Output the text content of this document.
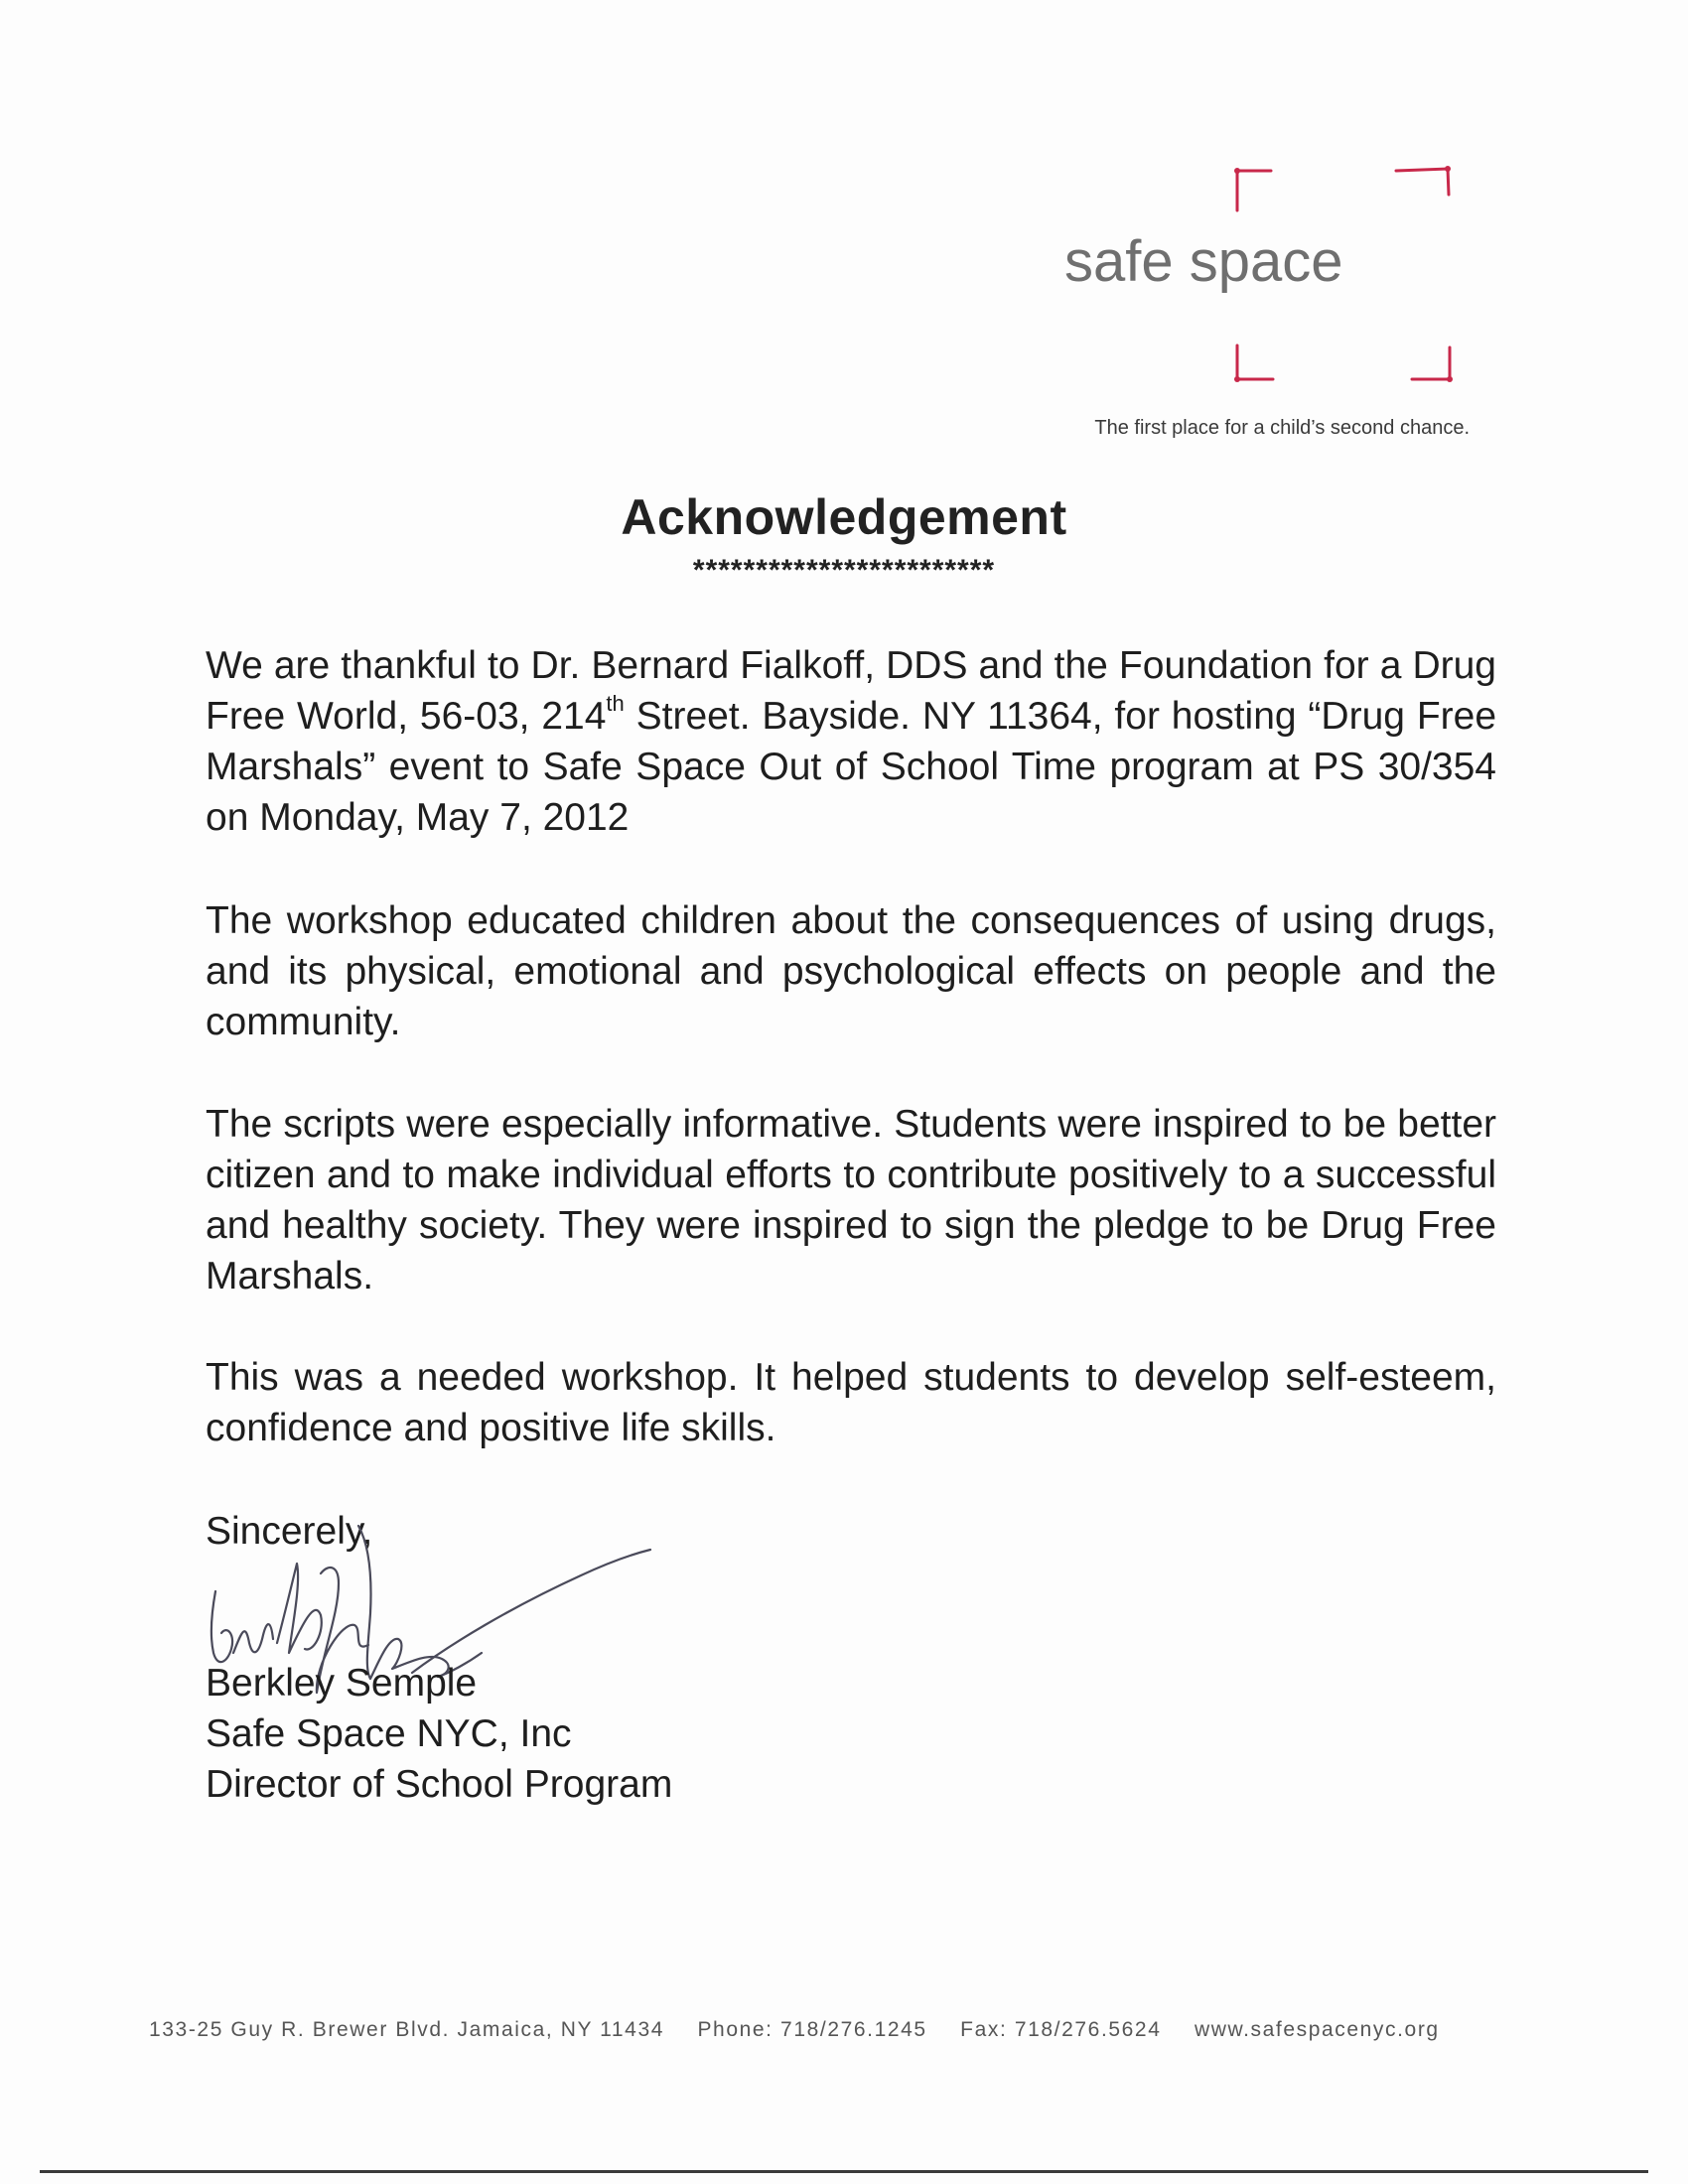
safe space
The first place for a child’s second chance.
Acknowledgement
************************
We are thankful to Dr. Bernard Fialkoff, DDS and the Foundation for a Drug Free World, 56-03, 214th Street. Bayside. NY 11364, for hosting “Drug Free Marshals” event to Safe Space Out of School Time program at PS 30/354 on Monday, May 7, 2012
The workshop educated children about the consequences of using drugs, and its physical, emotional and psychological effects on people and the community.
The scripts were especially informative. Students were inspired to be better citizen and to make individual efforts to contribute positively to a successful and healthy society. They were inspired to sign the pledge to be Drug Free Marshals.
This was a needed workshop. It helped students to develop self-esteem, confidence and positive life skills.
Sincerely,
Berkley Semple
Safe Space NYC, Inc
Director of School Program
133-25 Guy R. Brewer Blvd. Jamaica, NY 11434 Phone: 718/276.1245 Fax: 718/276.5624 www.safespacenyc.org
